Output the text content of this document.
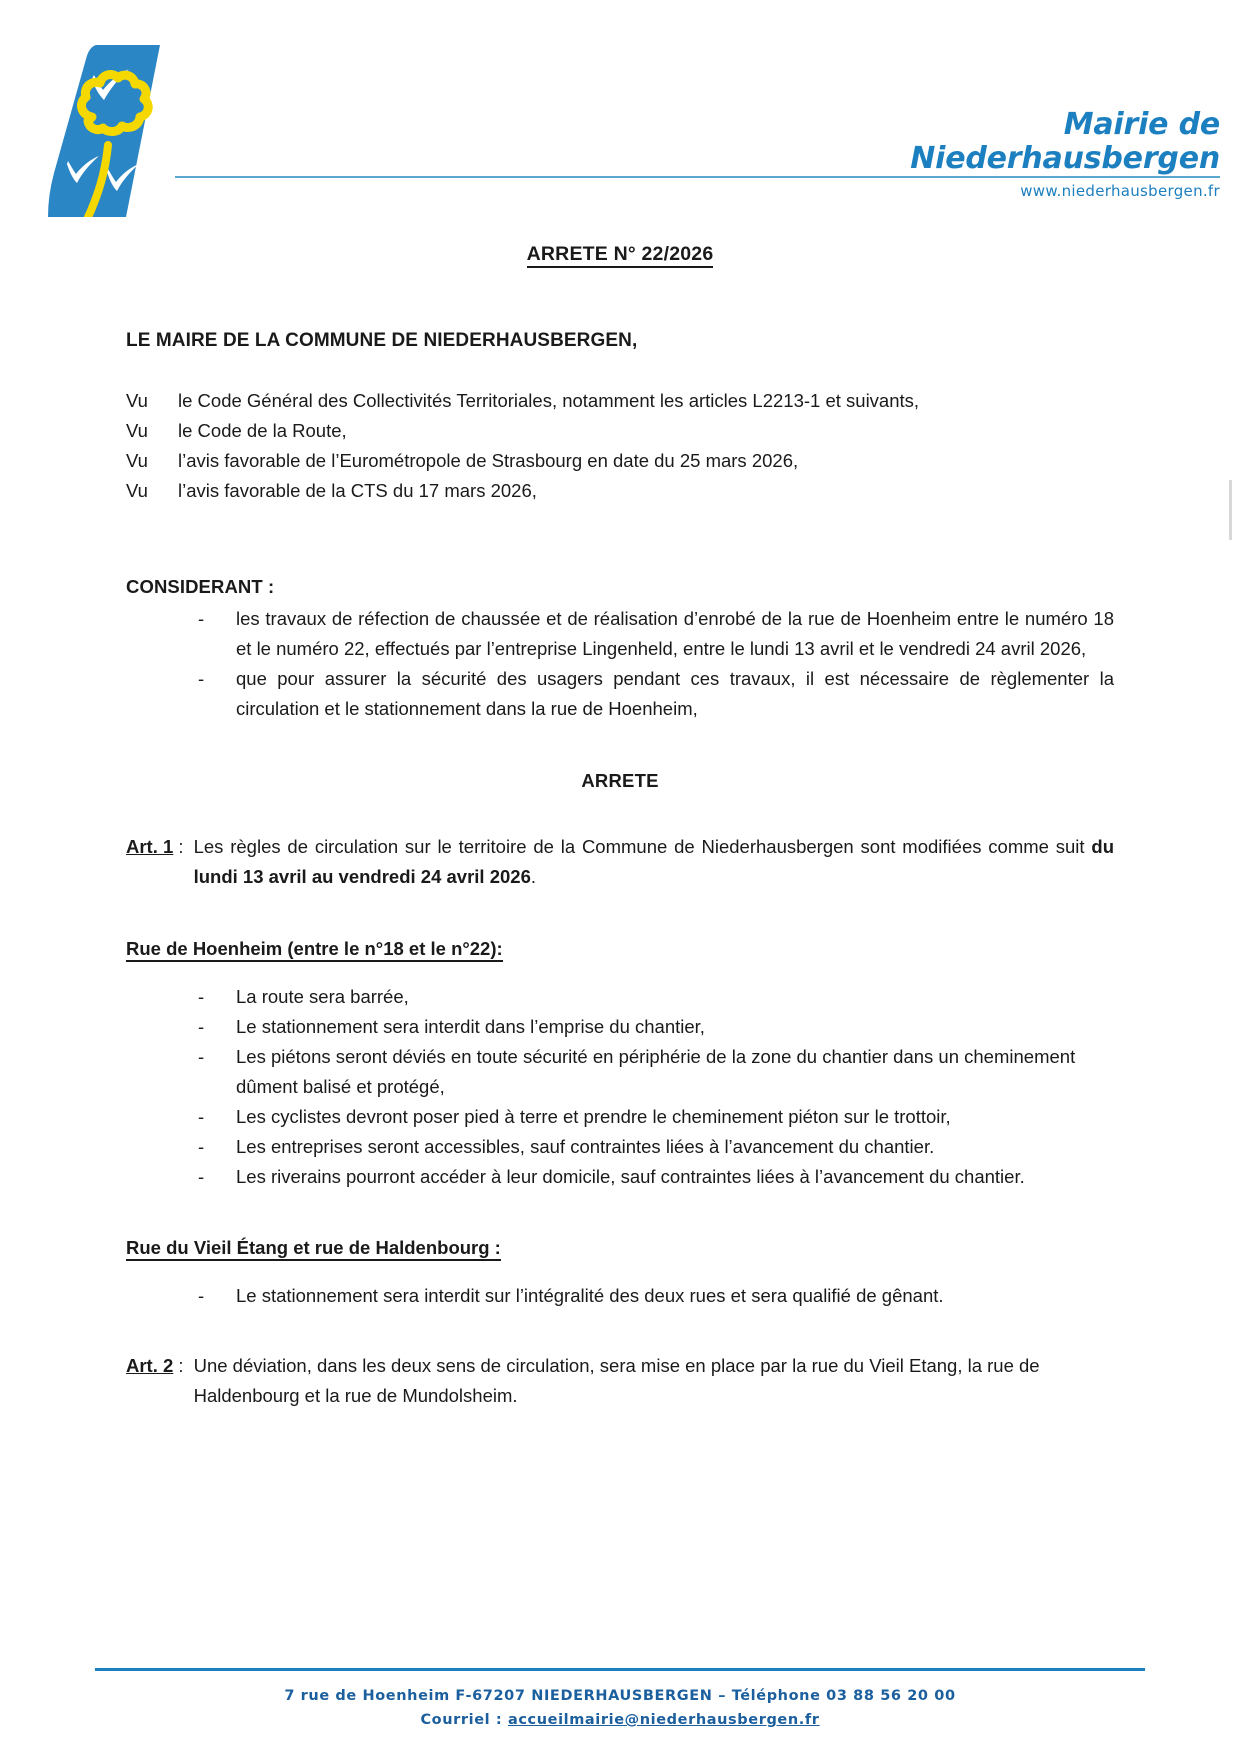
Mairie de
Niederhausbergen
www.niederhausbergen.fr
ARRETE N° 22/2026
LE MAIRE DE LA COMMUNE DE NIEDERHAUSBERGEN,
Vu	le Code Général des Collectivités Territoriales, notamment les articles L2213-1 et suivants,
Vu	le Code de la Route,
Vu	l’avis favorable de l’Eurométropole de Strasbourg en date du 25 mars 2026,
Vu	l’avis favorable de la CTS du 17 mars 2026,
CONSIDERANT :
-	les travaux de réfection de chaussée et de réalisation d’enrobé de la rue de Hoenheim entre le numéro 18 et le numéro 22, effectués par l’entreprise Lingenheld, entre le lundi 13 avril et le vendredi 24 avril 2026,
-	que pour assurer la sécurité des usagers pendant ces travaux, il est nécessaire de règlementer la circulation et le stationnement dans la rue de Hoenheim,
ARRETE
Art. 1 : Les règles de circulation sur le territoire de la Commune de Niederhausbergen sont modifiées comme suit du lundi 13 avril au vendredi 24 avril 2026.
Rue de Hoenheim (entre le n°18 et le n°22):
-	La route sera barrée,
-	Le stationnement sera interdit dans l’emprise du chantier,
-	Les piétons seront déviés en toute sécurité en périphérie de la zone du chantier dans un cheminement dûment balisé et protégé,
-	Les cyclistes devront poser pied à terre et prendre le cheminement piéton sur le trottoir,
-	Les entreprises seront accessibles, sauf contraintes liées à l’avancement du chantier.
-	Les riverains pourront accéder à leur domicile, sauf contraintes liées à l’avancement du chantier.
Rue du Vieil Étang et rue de Haldenbourg :
-	Le stationnement sera interdit sur l’intégralité des deux rues et sera qualifié de gênant.
Art. 2 : Une déviation, dans les deux sens de circulation, sera mise en place par la rue du Vieil Etang, la rue de Haldenbourg et la rue de Mundolsheim.
7 rue de Hoenheim F-67207 NIEDERHAUSBERGEN – Téléphone 03 88 56 20 00
Courriel : accueilmairie@niederhausbergen.fr
